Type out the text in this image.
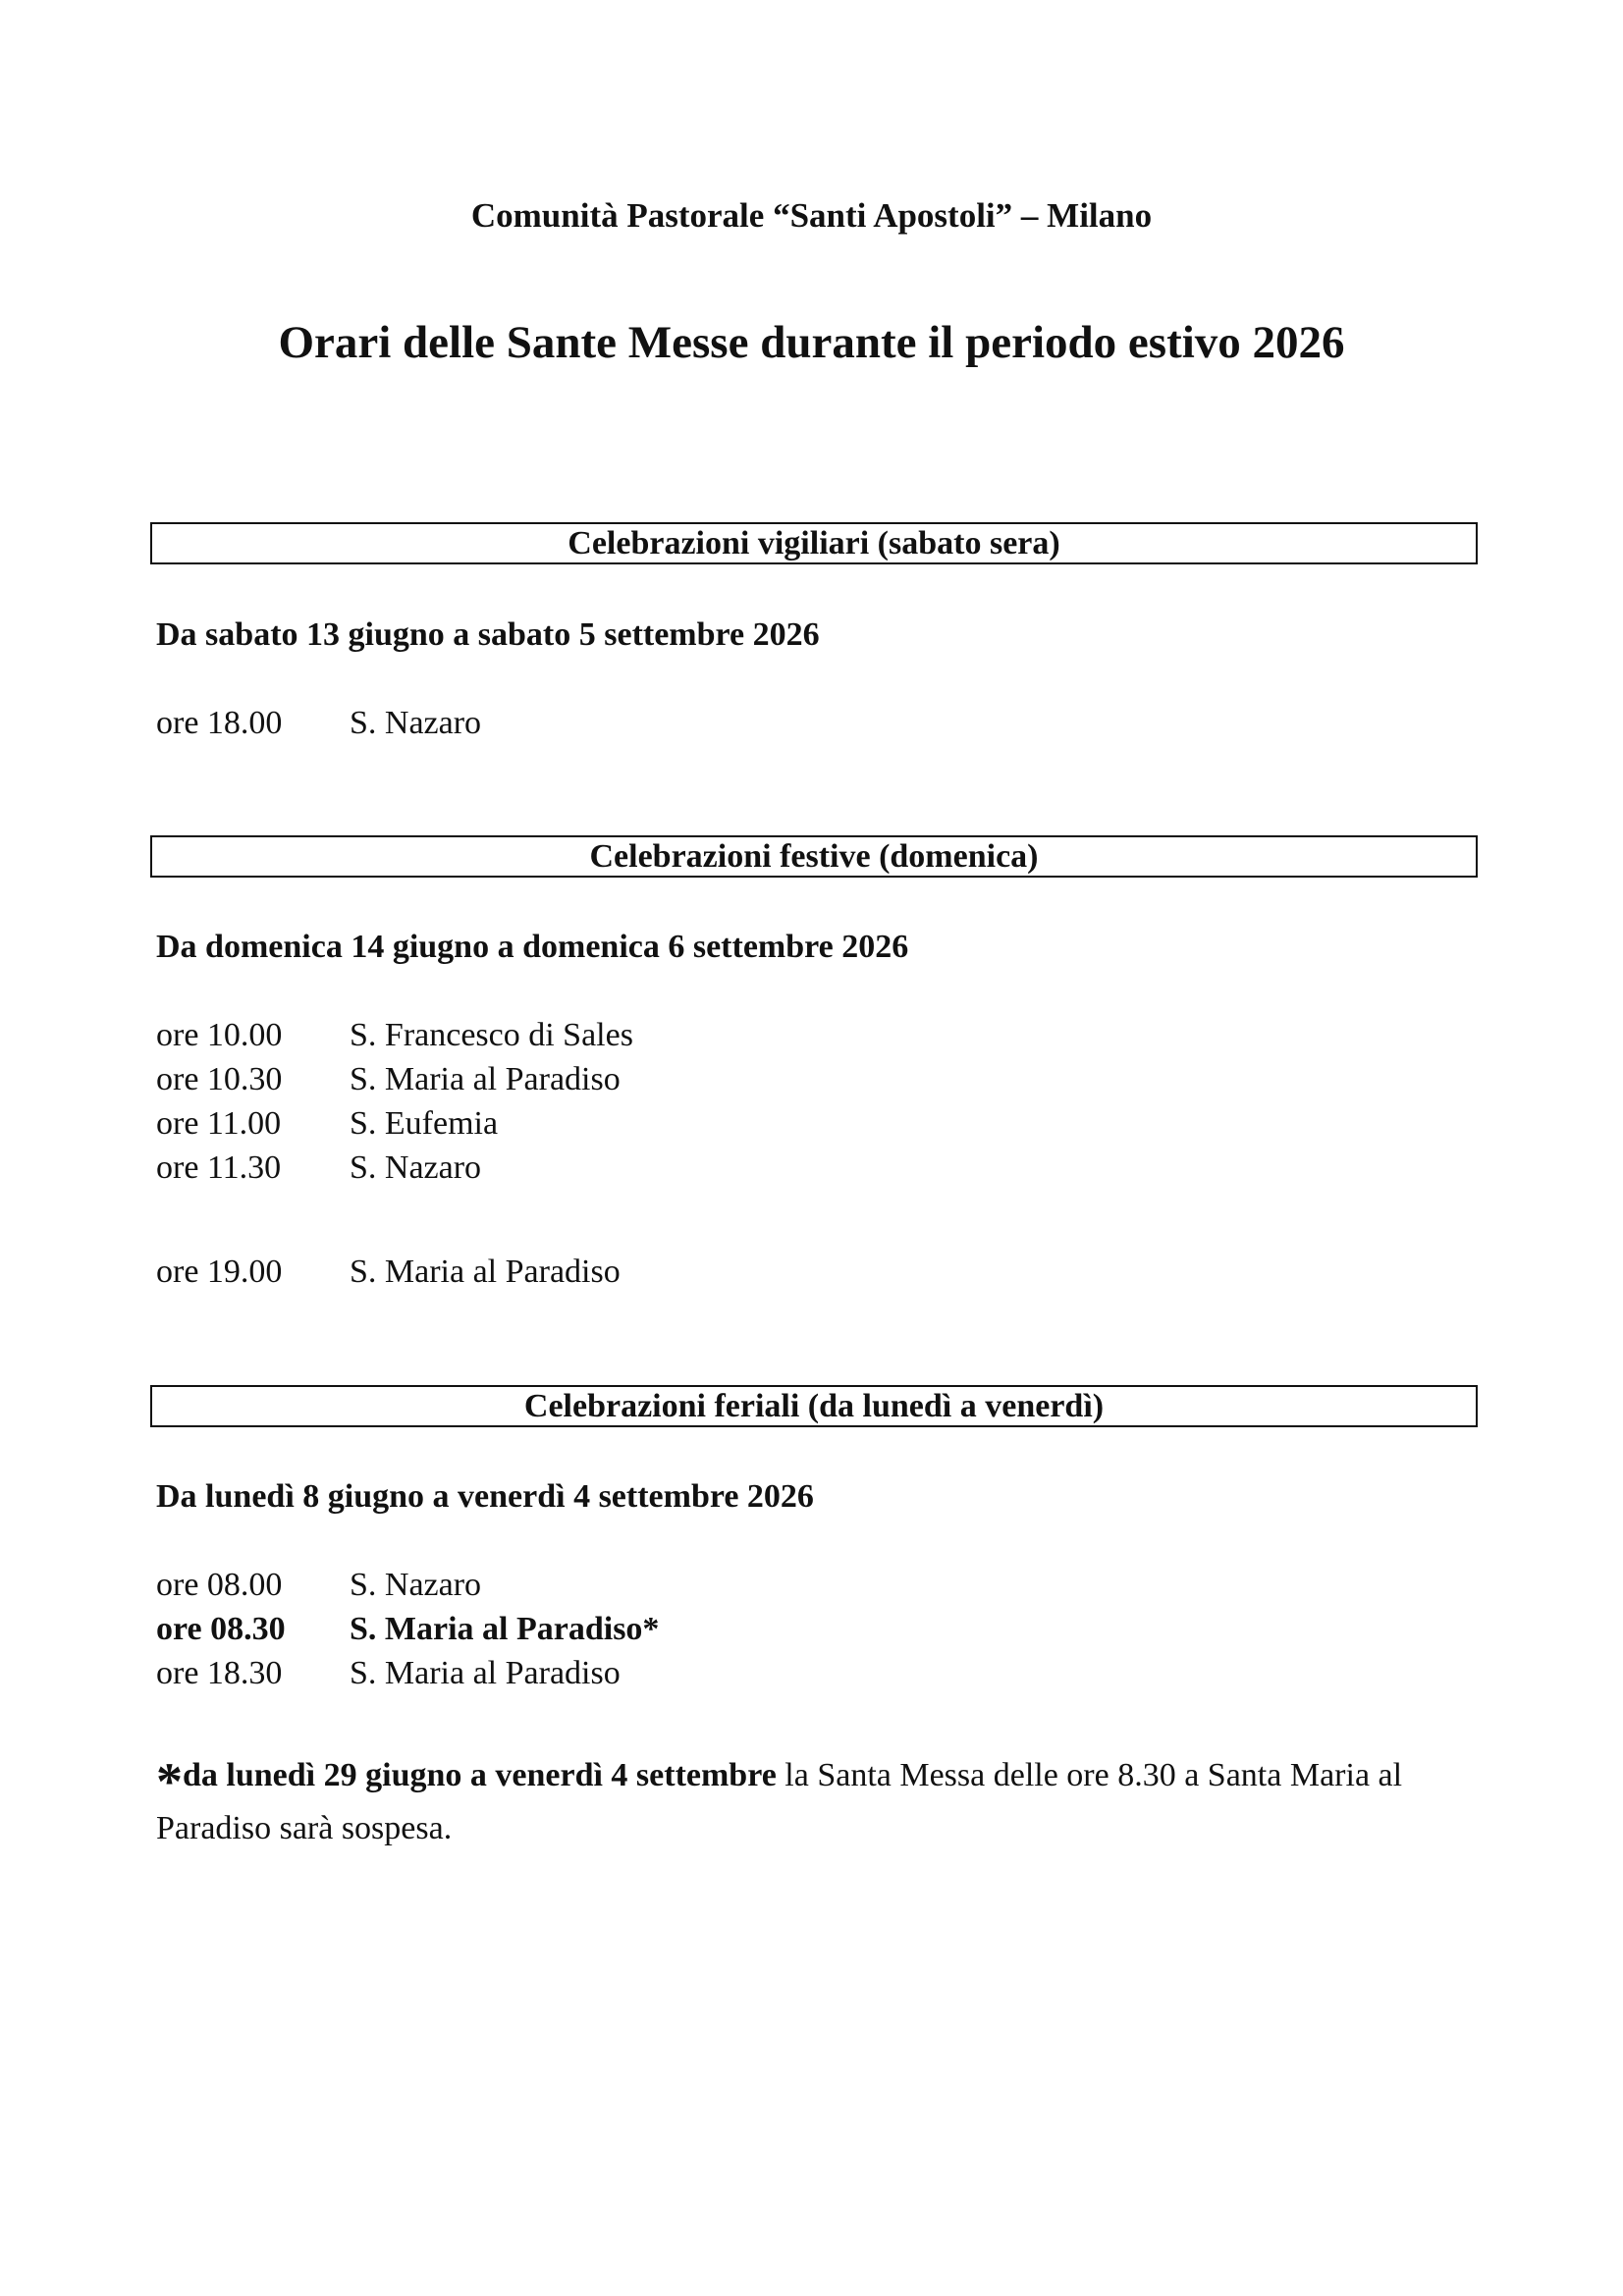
Comunità Pastorale “Santi Apostoli” – Milano
Orari delle Sante Messe durante il periodo estivo 2026
Celebrazioni vigiliari (sabato sera)
Da sabato 13 giugno a sabato 5 settembre 2026
ore 18.00 S. Nazaro
Celebrazioni festive (domenica)
Da domenica 14 giugno a domenica 6 settembre 2026
ore 10.00 S. Francesco di Sales
ore 10.30 S. Maria al Paradiso
ore 11.00 S. Eufemia
ore 11.30 S. Nazaro
ore 19.00 S. Maria al Paradiso
Celebrazioni feriali (da lunedì a venerdì)
Da lunedì 8 giugno a venerdì 4 settembre 2026
ore 08.00 S. Nazaro
ore 08.30 S. Maria al Paradiso*
ore 18.30 S. Maria al Paradiso
*da lunedì 29 giugno a venerdì 4 settembre la Santa Messa delle ore 8.30 a Santa Maria al Paradiso sarà sospesa.
